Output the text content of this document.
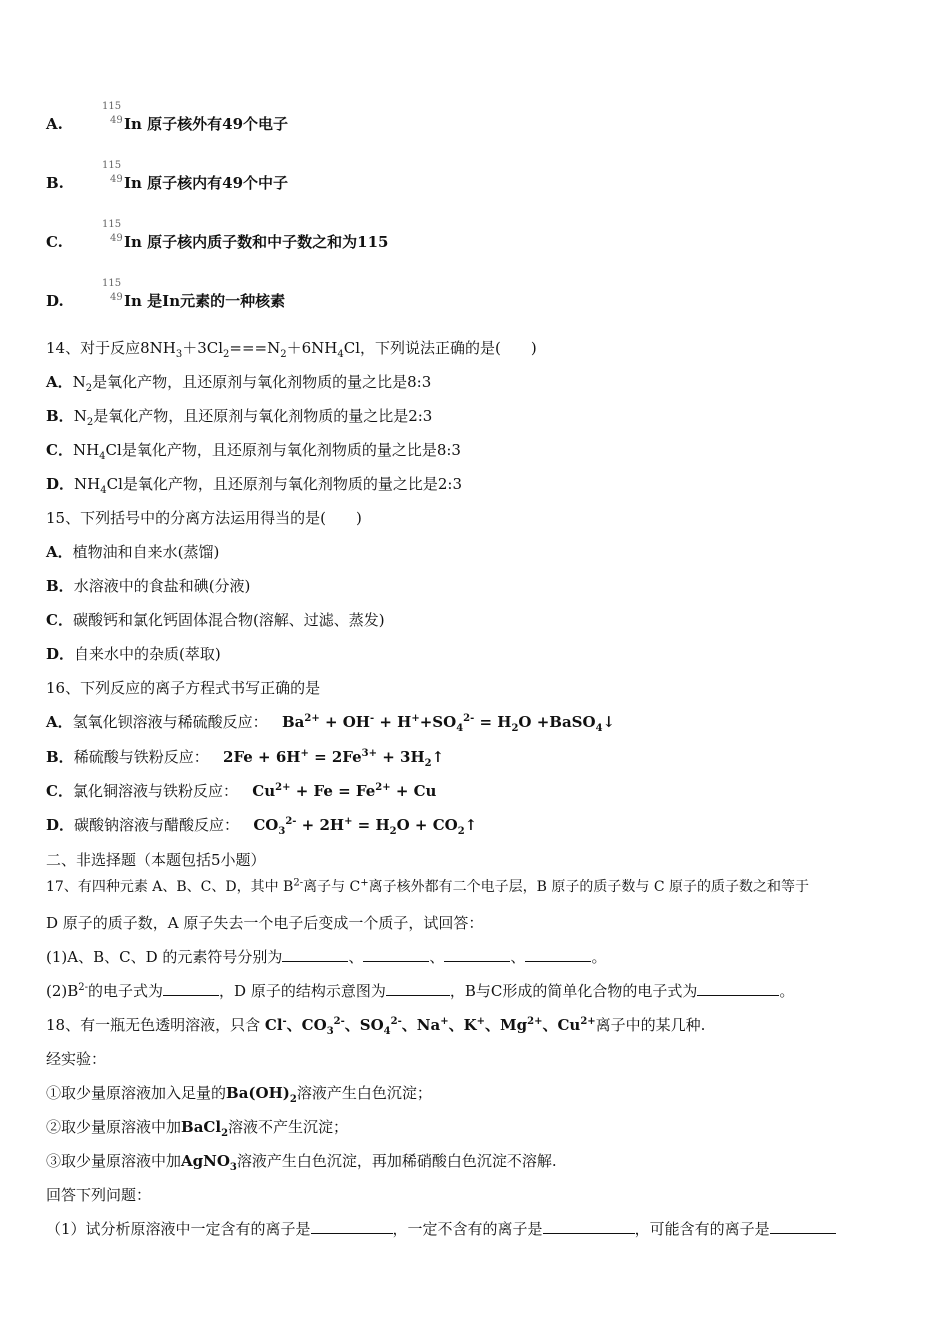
A.
115
49 In 原子核外有49个电子
B.
115
49 In 原子核内有49个中子
C.
115
49 In 原子核内质子数和中子数之和为115
D.
115
49 In 是In元素的一种核素
14、对于反应$8NH_3+3Cl_2===N_2+6NH_4Cl$，下列说法正确的是(　　)
A．$N_2$是氧化产物，且还原剂与氧化剂物质的量之比是8:3
B．$N_2$是氧化产物，且还原剂与氧化剂物质的量之比是2:3
C．$NH_4Cl$是氧化产物，且还原剂与氧化剂物质的量之比是8:3
D．$NH_4Cl$是氧化产物，且还原剂与氧化剂物质的量之比是2:3
15、下列括号中的分离方法运用得当的是(　　)
A．植物油和自来水(蒸馏)
B．水溶液中的食盐和碘(分液)
C．碳酸钙和氯化钙固体混合物(溶解、过滤、蒸发)
D．自来水中的杂质(萃取)
16、下列反应的离子方程式书写正确的是
A．氢氧化钡溶液与稀硫酸反应： $Ba^{2+} + OH^- + H^++SO_4^{2-} = H_2O$ +BaSO$_4$↓
B．稀硫酸与铁粉反应： $2Fe + 6H^+ = 2Fe^{3+}$ + $3H_2↑$
C．氯化铜溶液与铁粉反应： $Cu^{2+} + Fe = Fe^{2+} + Cu$
D．碳酸钠溶液与醋酸反应： $CO_3^{2-} + 2H^+ = H_2O$ + $CO_2↑$
二、非选择题（本题包括5小题）
17、有四种元素 A、B、C、D，其中 $B^{2-}$离子与 C+离子核外都有二个电子层，B 原子的质子数与 C 原子的质子数之和等于
D 原子的质子数，A 原子失去一个电子后变成一个质子，试回答：
(1)A、B、C、D 的元素符号分别为	、	、	、	。
$(2)B^{2-}$的电子式为	，D 原子的结构示意图为	，B与C形成的简单化合物的电子式为	。
18、有一瓶无色透明溶液，只含 Cl-、$CO_3^{2-}$、$SO_4^{2-}$、Na+、K+、$Mg^{2+}$、$Cu^{2+}$离子中的某几种.
经实验：
①取少量原溶液加入足量的$Ba(OH)_2$溶液产生白色沉淀；
②取少量原溶液中加BaCl$_2$溶液不产生沉淀；
③取少量原溶液中加AgNO$_3$溶液产生白色沉淀，再加稀硝酸白色沉淀不溶解.
回答下列问题：
（1）试分析原溶液中一定含有的离子是	，一定不含有的离子是	，可能含有的离子是
